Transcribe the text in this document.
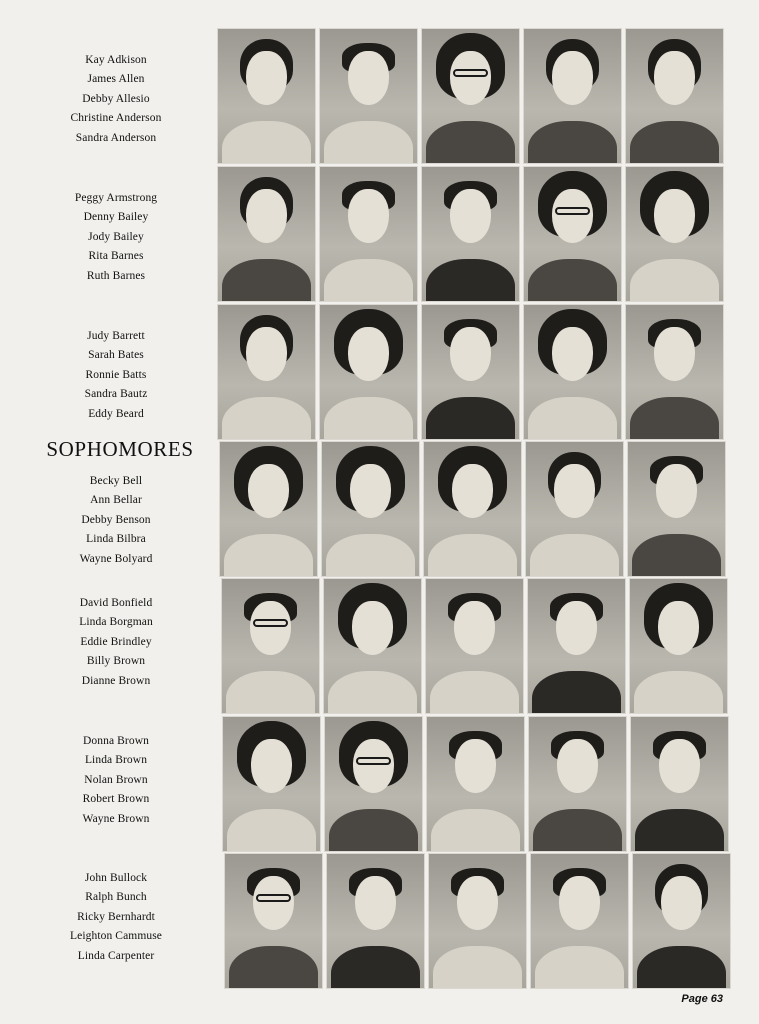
Kay Adkison
James Allen
Debby Allesio
Christine Anderson
Sandra Anderson
Peggy Armstrong
Denny Bailey
Jody Bailey
Rita Barnes
Ruth Barnes
Judy Barrett
Sarah Bates
Ronnie Batts
Sandra Bautz
Eddy Beard
SOPHOMORES
Becky Bell
Ann Bellar
Debby Benson
Linda Bilbra
Wayne Bolyard
David Bonfield
Linda Borgman
Eddie Brindley
Billy Brown
Dianne Brown
Donna Brown
Linda Brown
Nolan Brown
Robert Brown
Wayne Brown
John Bullock
Ralph Bunch
Ricky Bernhardt
Leighton Cammuse
Linda Carpenter
Page 63
